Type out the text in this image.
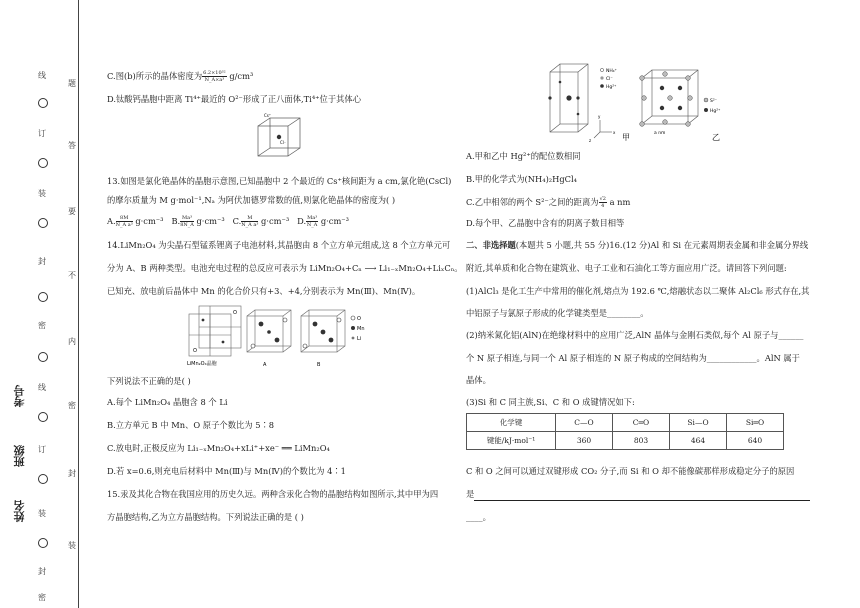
线
订
装
封
密
线
订
装
封
密
题
答
要
不
内
密
封
装
考号
班级
姓名
C.图(b)所示的晶体密度为 $\frac{\text{6.2×10³²}}{\text{N\_A×a³}} g/cm^3$
D.钛酸钙晶胞中距离 Ti⁴⁺最近的 O²⁻形成了正八面体,Ti⁴⁺位于其体心
Cs⁺
Cl⁻
13.如图是氯化铯晶体的晶胞示意图,已知晶胞中 2 个最近的 Cs⁺核间距为 a cm,氯化铯(CsCl)
的摩尔质量为 M g·mol⁻¹,Nₐ 为阿伏加德罗常数的值,则氯化铯晶体的密度为( )
A. $\frac{8M}{\text{N\_A a³}} g\cdot cm^{-3}$ B. $\frac{\text{Ma³}}{8N\_A} g\cdot cm^{-3}$ C. $\frac{M}{\text{N\_A a³}} g\cdot cm^{-3}$ D. $\frac{\text{Ma³}}{N\_A} g\cdot cm^{-3}$
14.LiMn₂O₄ 为尖晶石型锰系锂离子电池材料,其晶胞由 8 个立方单元组成,这 8 个立方单元可
分为 A、B 两种类型。电池充电过程的总反应可表示为 LiMn₂O₄+Cₙ ⟶ Li₁₋ₓMn₂O₄+LiₓCₙ。
已知充、放电前后晶体中 Mn 的化合价只有+3、+4,分别表示为 Mn(Ⅲ)、Mn(Ⅳ)。
O
Mn
Li
LiMn₂O₄晶胞	A	B
下列说法不正确的是( )
A.每个 LiMn₂O₄ 晶胞含 8 个 Li
B.立方单元 B 中 Mn、O 原子个数比为 5∶8
C.放电时,正极反应为 Li₁₋ₓMn₂O₄+xLi⁺+xe⁻ ══ LiMn₂O₄
D.若 x=0.6,则充电后材料中 Mn(Ⅲ)与 Mn(Ⅳ)的个数比为 4∶1
15.汞及其化合物在我国应用的历史久远。两种含汞化合物的晶胞结构如图所示,其中甲为四
方晶胞结构,乙为立方晶胞结构。下列说法正确的是 ( )
NH₄⁺
Cl⁻
Hg²⁺
S²⁻
Hg²⁺
x
y
z	甲	a nm	乙
A.甲和乙中 Hg²⁺的配位数相同
B.甲的化学式为(NH₄)₂HgCl₄
C.乙中相邻的两个 S²⁻之间的距离为 $\frac{√2}{4}$ a nm
D.每个甲、乙晶胞中含有的阴离子数目相等
二、非选择题(本题共 5 小题,共 55 分)16.(12 分)Al 和 Si 在元素周期表金属和非金属分界线
附近,其单质和化合物在建筑业、电子工业和石油化工等方面应用广泛。请回答下列问题:
(1)AlCl₃ 是化工生产中常用的催化剂,熔点为 192.6 ℃,熔融状态以二聚体 Al₂Cl₆ 形式存在,其
中铝原子与氯原子形成的化学键类型是________。
(2)纳米氮化铝(AlN)在绝缘材料中的应用广泛,AlN 晶体与金刚石类似,每个 Al 原子与______
个 N 原子相连,与同一个 Al 原子相连的 N 原子构成的空间结构为____________。AlN 属于
晶体。
(3)Si 和 C 同主族,Si、C 和 O 成键情况如下:
化学键	C—O	C═O	Si—O	Si═O
键能/kJ·mol⁻¹	360	803	464	640
C 和 O 之间可以通过双键形成 CO₂ 分子,而 Si 和 O 却不能像碳那样形成稳定分子的原因
是
____。
